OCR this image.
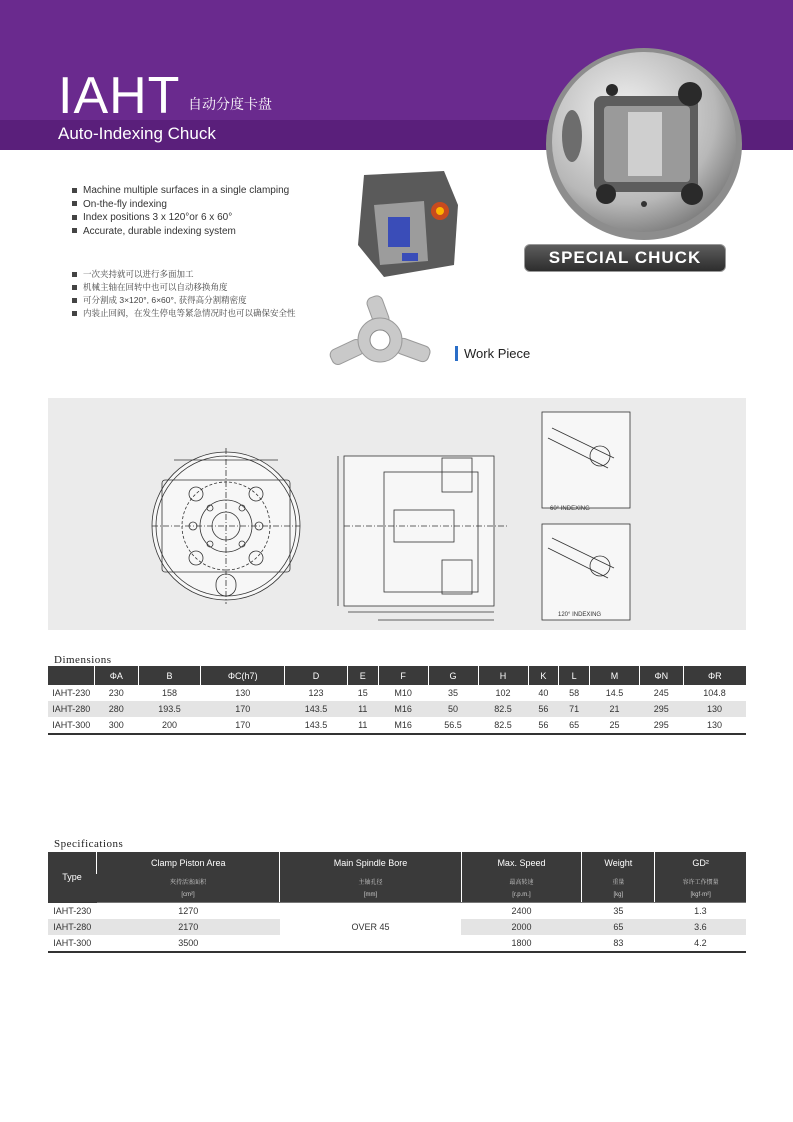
IAHT 自动分度卡盘
Auto-Indexing Chuck
SPECIAL CHUCK
Machine multiple surfaces in a single clamping
On-the-fly indexing
Index positions 3 x 120°or 6 x 60°
Accurate, durable indexing system
一次夹持就可以进行多面加工
机械主轴在回转中也可以自动移换角度
可分割成 3×120°, 6×60°, 获得高分割精密度
内装止回阀，在发生停电等紧急情况时也可以确保安全性
Work Piece
60° INDEXING
120° INDEXING
Dimensions
	ΦA	B	ΦC(h7)	D	E	F	G	H	K	L	M	ΦN	ΦR
IAHT-230	230	158	130	123	15	M10	35	102	40	58	14.5	245	104.8
IAHT-280	280	193.5	170	143.5	11	M16	50	82.5	56	71	21	295	130
IAHT-300	300	200	170	143.5	11	M16	56.5	82.5	56	65	25	295	130
Specifications
Type	Clamp Piston Area	Main Spindle Bore	Max. Speed	Weight	GD²
	夾持活塞面积	主轴孔径	最高转速	重量	容许工作惯量
	[cm²]	[mm]	[r.p.m.]	[kg]	[kgf·m²]
IAHT-230	1270	OVER 45	2400	35	1.3
IAHT-280	2170		2000	65	3.6
IAHT-300	3500		1800	83	4.2
